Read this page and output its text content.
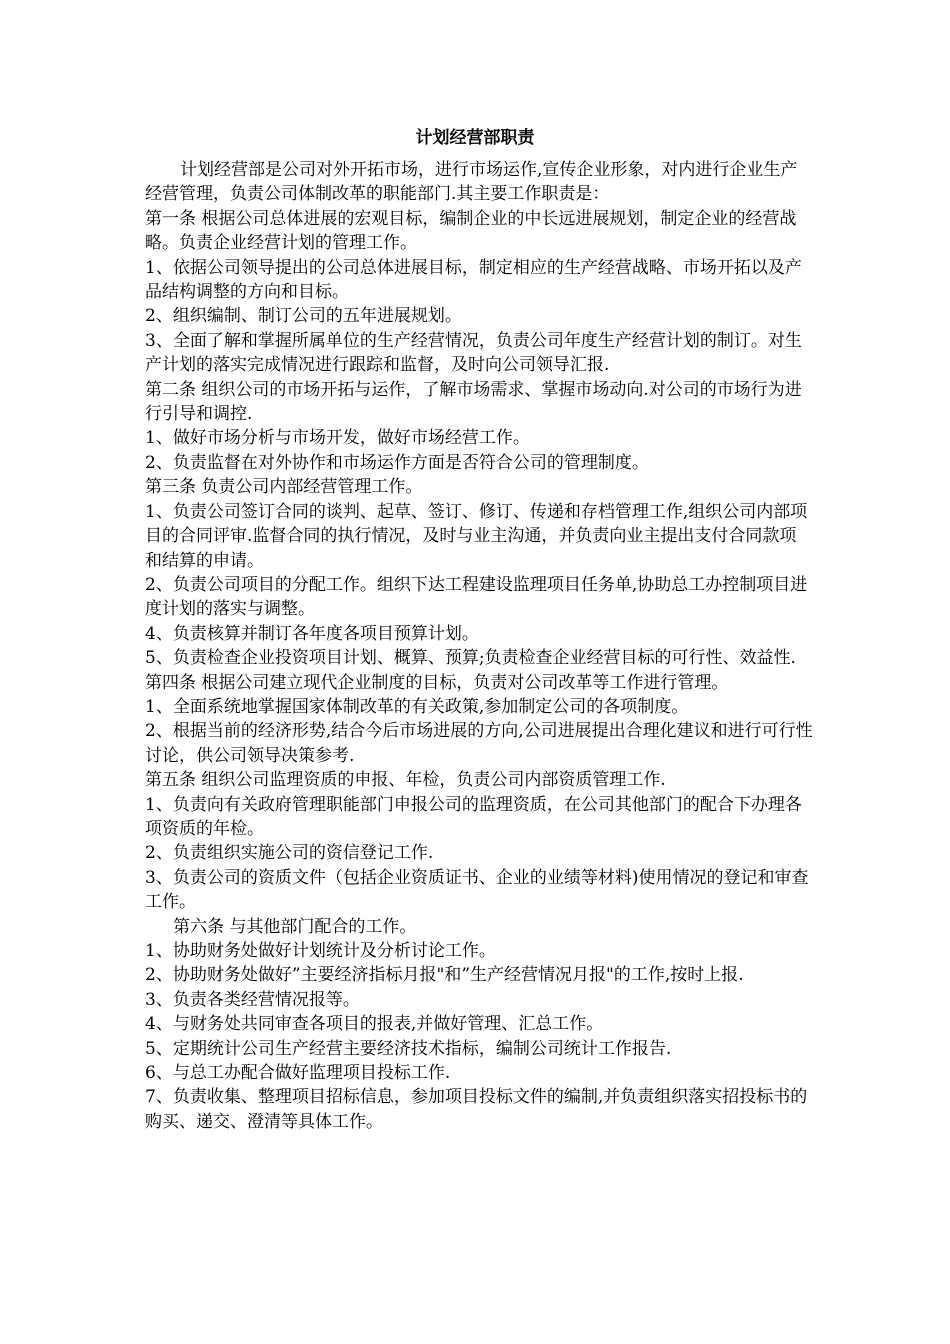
计划经营部职责

计划经营部是公司对外开拓市场，进行市场运作,宣传企业形象，对内进行企业生产经营管理，负责公司体制改革的职能部门.其主要工作职责是：

第一条 根据公司总体进展的宏观目标，编制企业的中长远进展规划，制定企业的经营战略。负责企业经营计划的管理工作。

1、依据公司领导提出的公司总体进展目标，制定相应的生产经营战略、市场开拓以及产品结构调整的方向和目标。

2、组织编制、制订公司的五年进展规划。

3、全面了解和掌握所属单位的生产经营情况，负责公司年度生产经营计划的制订。对生产计划的落实完成情况进行跟踪和监督，及时向公司领导汇报.

第二条 组织公司的市场开拓与运作，了解市场需求、掌握市场动向.对公司的市场行为进行引导和调控.

1、做好市场分析与市场开发，做好市场经营工作。

2、负责监督在对外协作和市场运作方面是否符合公司的管理制度。

第三条 负责公司内部经营管理工作。

1、负责公司签订合同的谈判、起草、签订、修订、传递和存档管理工作,组织公司内部项目的合同评审.监督合同的执行情况，及时与业主沟通，并负责向业主提出支付合同款项和结算的申请。

2、负责公司项目的分配工作。组织下达工程建设监理项目任务单,协助总工办控制项目进度计划的落实与调整。

4、负责核算并制订各年度各项目预算计划。

5、负责检查企业投资项目计划、概算、预算;负责检查企业经营目标的可行性、效益性.

第四条 根据公司建立现代企业制度的目标，负责对公司改革等工作进行管理。

1、全面系统地掌握国家体制改革的有关政策,参加制定公司的各项制度。

2、根据当前的经济形势,结合今后市场进展的方向,公司进展提出合理化建议和进行可行性讨论，供公司领导决策参考.

第五条 组织公司监理资质的申报、年检，负责公司内部资质管理工作.

1、负责向有关政府管理职能部门申报公司的监理资质，在公司其他部门的配合下办理各项资质的年检。

2、负责组织实施公司的资信登记工作.

3、负责公司的资质文件（包括企业资质证书、企业的业绩等材料)使用情况的登记和审查工作。

第六条 与其他部门配合的工作。

1、协助财务处做好计划统计及分析讨论工作。

2、协助财务处做好”主要经济指标月报"和”生产经营情况月报"的工作,按时上报.

3、负责各类经营情况报等。

4、与财务处共同审查各项目的报表,并做好管理、汇总工作。

5、定期统计公司生产经营主要经济技术指标，编制公司统计工作报告.

6、与总工办配合做好监理项目投标工作.

7、负责收集、整理项目招标信息，参加项目投标文件的编制,并负责组织落实招投标书的购买、递交、澄清等具体工作。
